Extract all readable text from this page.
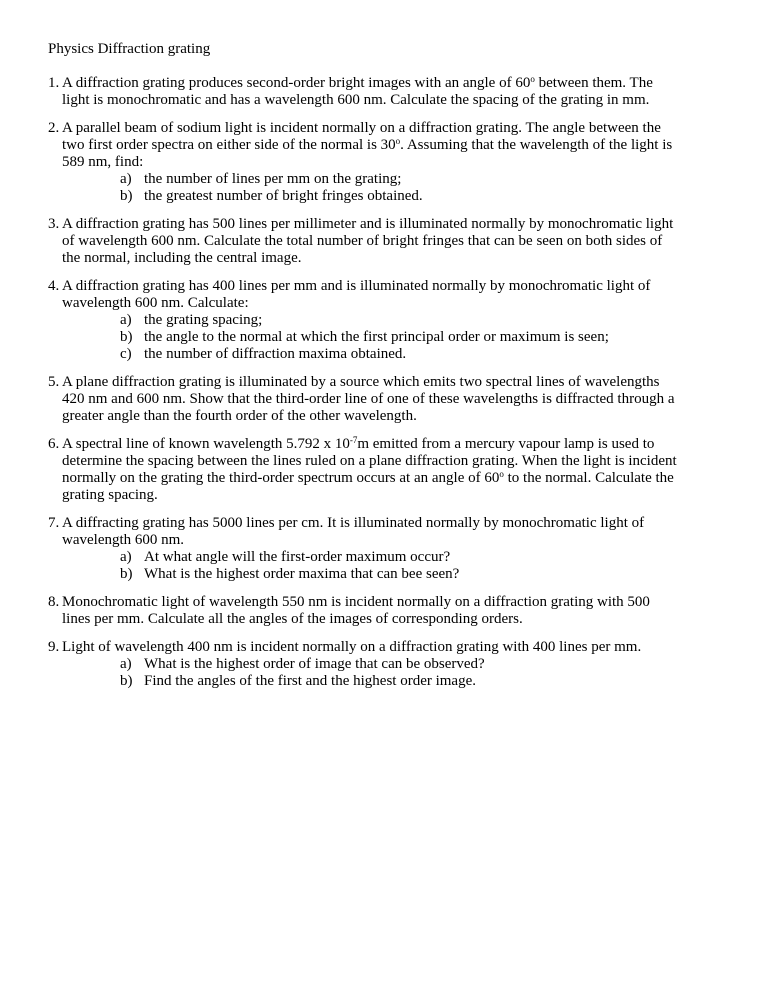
Physics Diffraction grating
1. A diffraction grating produces second-order bright images with an angle of 60$^o$ between them. The
light is monochromatic and has a wavelength 600 nm. Calculate the spacing of the grating in mm.
2. A parallel beam of sodium light is incident normally on a diffraction grating. The angle between the
two first order spectra on either side of the normal is 30$^o$. Assuming that the wavelength of the light is
589 nm, find:
a) the number of lines per mm on the grating;
b) the greatest number of bright fringes obtained.
3. A diffraction grating has 500 lines per millimeter and is illuminated normally by monochromatic light
of wavelength 600 nm. Calculate the total number of bright fringes that can be seen on both sides of
the normal, including the central image.
4. A diffraction grating has 400 lines per mm and is illuminated normally by monochromatic light of
wavelength 600 nm. Calculate:
a) the grating spacing;
b) the angle to the normal at which the first principal order or maximum is seen;
c) the number of diffraction maxima obtained.
5. A plane diffraction grating is illuminated by a source which emits two spectral lines of wavelengths
420 nm and 600 nm. Show that the third-order line of one of these wavelengths is diffracted through a
greater angle than the fourth order of the other wavelength.
6. A spectral line of known wavelength 5.792 x $10^{-7}m$ emitted from a mercury vapour lamp is used to
determine the spacing between the lines ruled on a plane diffraction grating. When the light is incident
normally on the grating the third-order spectrum occurs at an angle of 60$^o$ to the normal. Calculate the
grating spacing.
7. A diffracting grating has 5000 lines per cm. It is illuminated normally by monochromatic light of
wavelength 600 nm.
a) At what angle will the first-order maximum occur?
b) What is the highest order maxima that can bee seen?
8. Monochromatic light of wavelength 550 nm is incident normally on a diffraction grating with 500
lines per mm. Calculate all the angles of the images of corresponding orders.
9. Light of wavelength 400 nm is incident normally on a diffraction grating with 400 lines per mm.
a) What is the highest order of image that can be observed?
b) Find the angles of the first and the highest order image.
